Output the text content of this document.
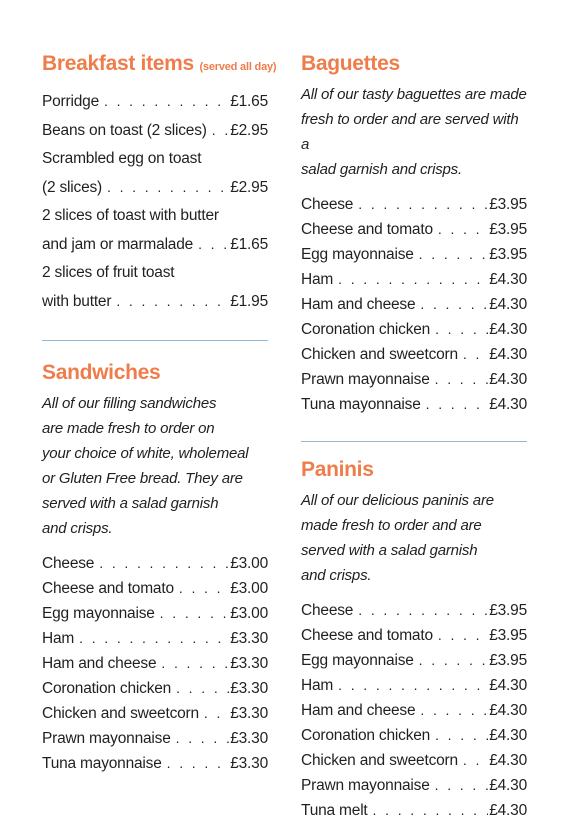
Breakfast items (served all day)
Porridge . . .	£1.65
Beans on toast (2 slices) . . . £2.95
Scrambled egg on toast
(2 slices) . . .	£2.95
2 slices of toast with butter
and jam or marmalade . . . £1.65
2 slices of fruit toast
with butter . . .	£1.95
Sandwiches
All of our filling sandwiches
are made fresh to order on
your choice of white, wholemeal
or Gluten Free bread. They are
served with a salad garnish
and crisps.
Cheese . . .	£3.00
Cheese and tomato . . .	£3.00
Egg mayonnaise . . .	£3.00
Ham . . .	£3.30
Ham and cheese . . .	£3.30
Coronation chicken . . .	£3.30
Chicken and sweetcorn . . . £3.30
Prawn mayonnaise . . .	£3.30
Tuna mayonnaise . . .	£3.30
Baguettes
All of our tasty baguettes are made
fresh to order and are served with a
salad garnish and crisps.
Cheese . . .	£3.95
Cheese and tomato . . .	£3.95
Egg mayonnaise . . .	£3.95
Ham . . .	£4.30
Ham and cheese . . .	£4.30
Coronation chicken . . .	£4.30
Chicken and sweetcorn . . . £4.30
Prawn mayonnaise . . .	£4.30
Tuna mayonnaise . . .	£4.30
Paninis
All of our delicious paninis are
made fresh to order and are
served with a salad garnish
and crisps.
Cheese . . .	£3.95
Cheese and tomato . . .	£3.95
Egg mayonnaise . . .	£3.95
Ham . . .	£4.30
Ham and cheese . . .	£4.30
Coronation chicken . . .	£4.30
Chicken and sweetcorn . . . £4.30
Prawn mayonnaise . . .	£4.30
Tuna melt . . .	£4.30
